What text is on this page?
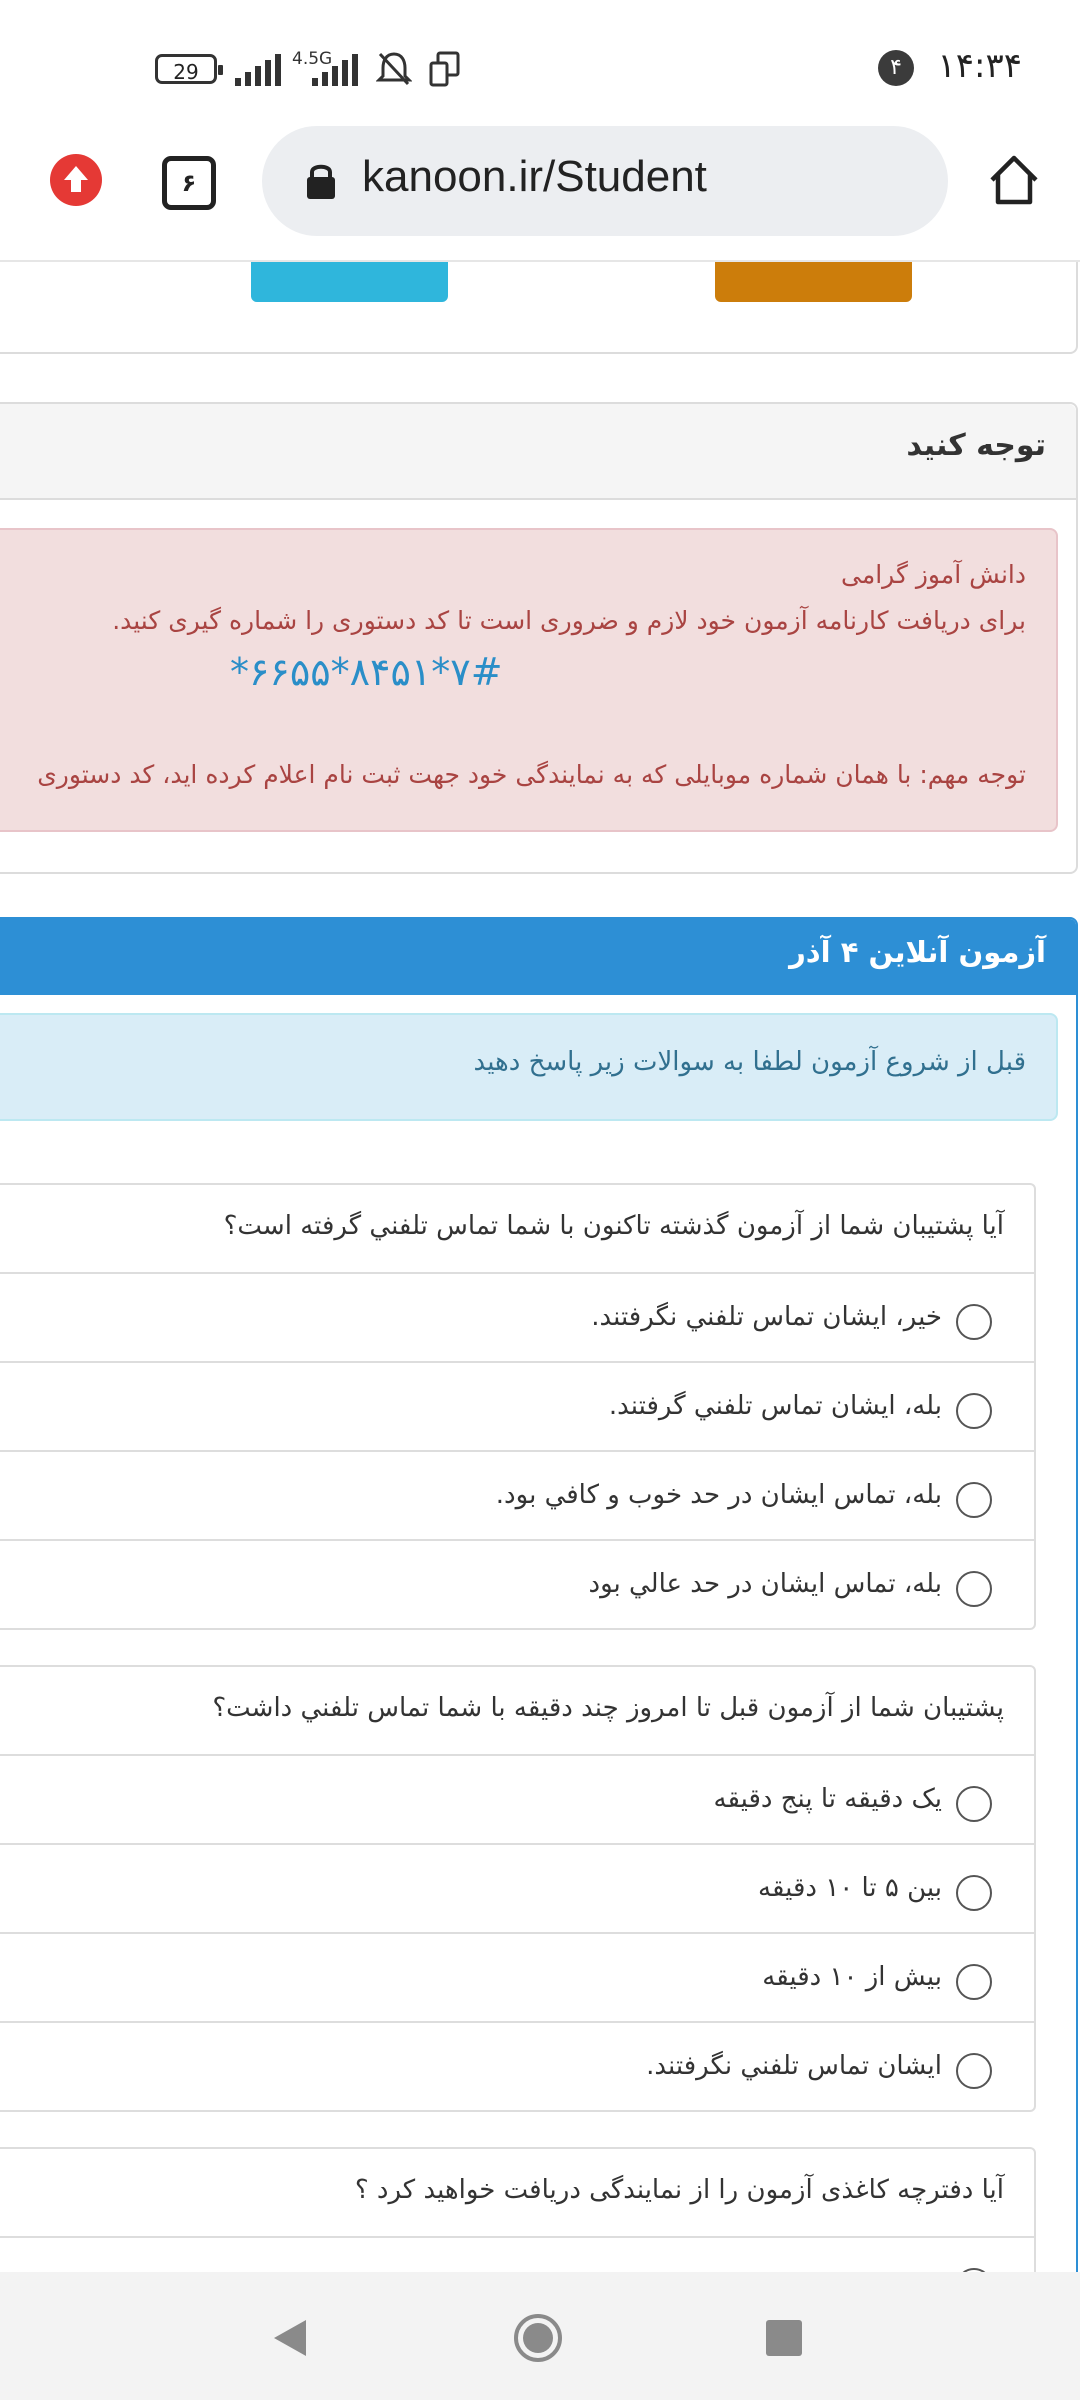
29
4.5G	۴	۱۴:۳۴
۶	kanoon.ir/Student
توجه کنید
دانش آموز گرامی
برای دریافت کارنامه آزمون خود لازم و ضروری است تا کد دستوری را شماره گیری کنید.
*۶۶۵۵*۸۴۵۱*۷#
توجه مهم: با همان شماره موبایلی که به نمایندگی خود جهت ثبت نام اعلام کرده اید، کد دستوری
آزمون آنلاین ۴ آذر
قبل از شروع آزمون لطفا به سوالات زیر پاسخ دهید
آیا پشتیبان شما از آزمون گذشته تاکنون با شما تماس تلفني گرفته است؟
خیر، ایشان تماس تلفني نگرفتند.
بله، ایشان تماس تلفني گرفتند.
بله، تماس ایشان در حد خوب و کافي بود.
بله، تماس ایشان در حد عالي بود
پشتیبان شما از آزمون قبل تا امروز چند دقیقه با شما تماس تلفني داشت؟
یک دقیقه تا پنج دقیقه
بین ۵ تا ۱۰ دقیقه
بیش از ۱۰ دقیقه
ایشان تماس تلفني نگرفتند.
آیا دفترچه کاغذی آزمون را از نمایندگی دریافت خواهید کرد ؟
